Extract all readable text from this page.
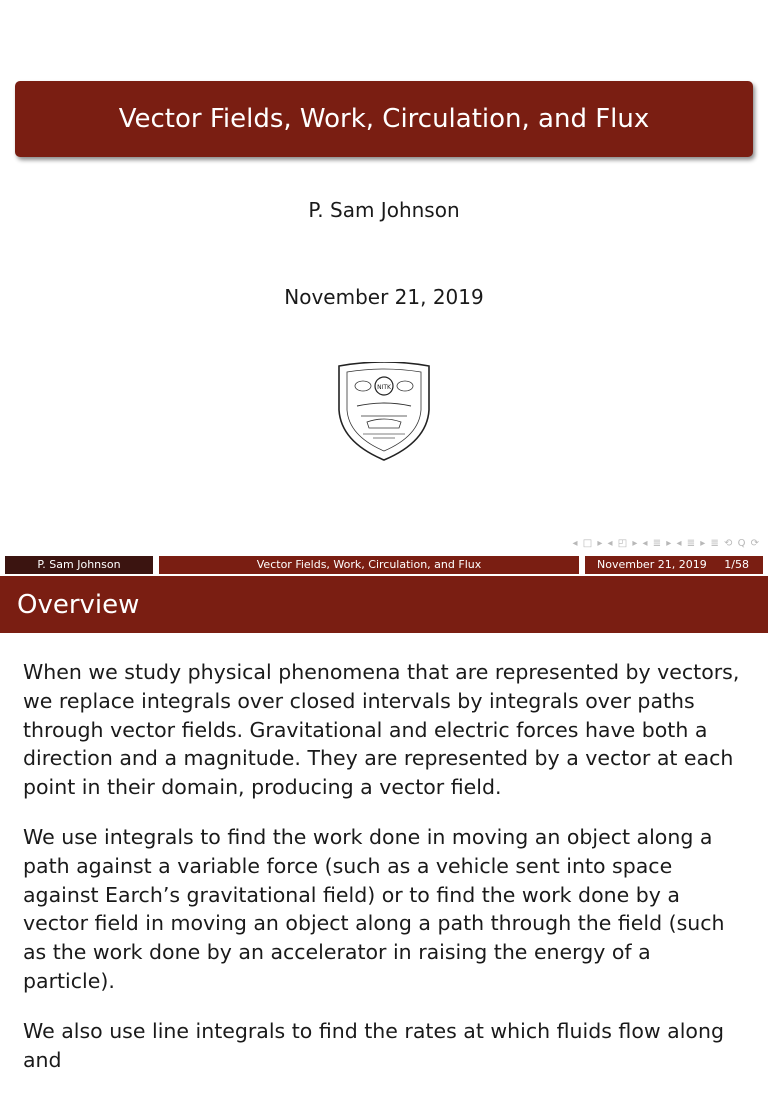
Vector Fields, Work, Circulation, and Flux
P. Sam Johnson
November 21, 2019
NITK
◂ □ ▸ ◂ ◰ ▸ ◂ ≣ ▸ ◂ ≣ ▸ ≣ ⟲ Q ⟳
P. Sam Johnson	Vector Fields, Work, Circulation, and Flux	November 21, 2019 1/58
Overview

When we study physical phenomena that are represented by vectors, we replace integrals over closed intervals by integrals over paths through vector fields. Gravitational and electric forces have both a direction and a magnitude. They are represented by a vector at each point in their domain, producing a vector field.

We use integrals to find the work done in moving an object along a path against a variable force (such as a vehicle sent into space against Earch’s gravitational field) or to find the work done by a vector field in moving an object along a path through the field (such as the work done by an accelerator in raising the energy of a particle).

We also use line integrals to find the rates at which fluids flow along and
